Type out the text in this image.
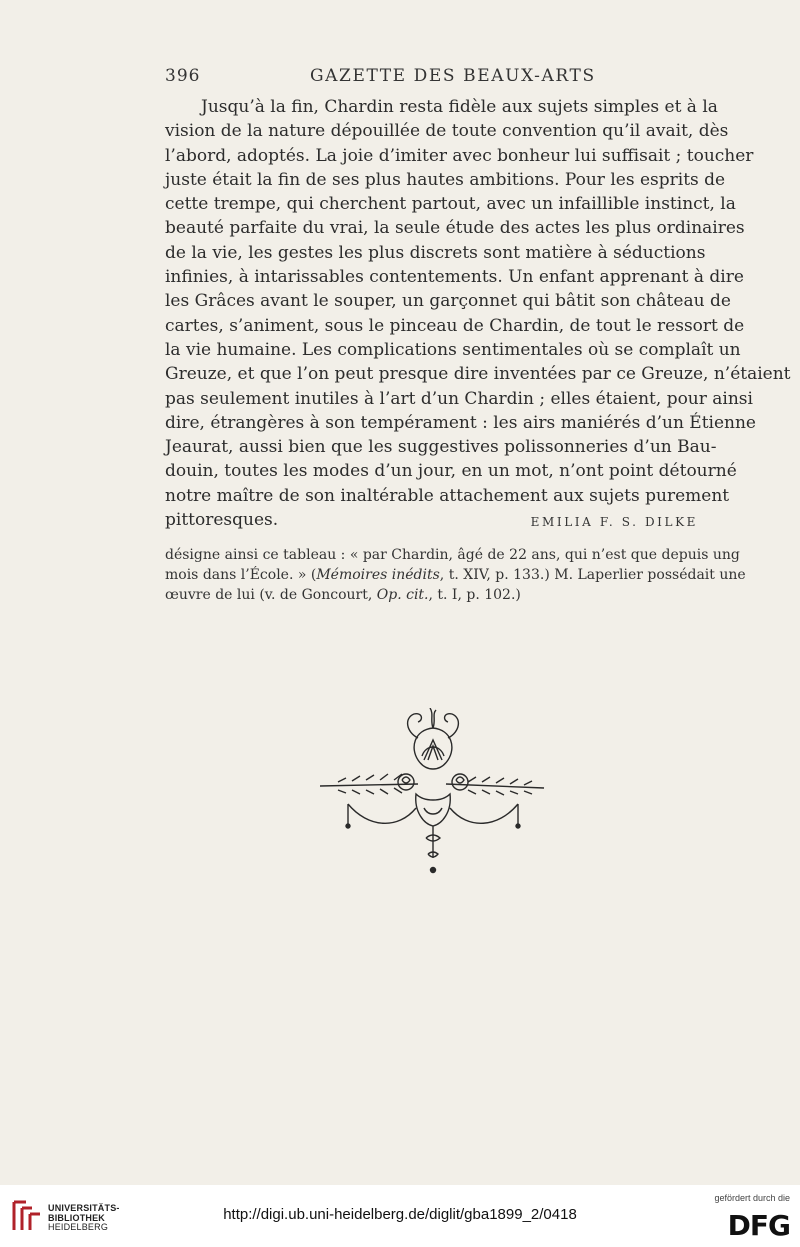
396	GAZETTE DES BEAUX-ARTS
Jusqu’à la fin, Chardin resta fidèle aux sujets simples et à la
vision de la nature dépouillée de toute convention qu’il avait, dès
l’abord, adoptés. La joie d’imiter avec bonheur lui suffisait ; toucher
juste était la fin de ses plus hautes ambitions. Pour les esprits de
cette trempe, qui cherchent partout, avec un infaillible instinct, la
beauté parfaite du vrai, la seule étude des actes les plus ordinaires
de la vie, les gestes les plus discrets sont matière à séductions
infinies, à intarissables contentements. Un enfant apprenant à dire
les Grâces avant le souper, un garçonnet qui bâtit son château de
cartes, s’animent, sous le pinceau de Chardin, de tout le ressort de
la vie humaine. Les complications sentimentales où se complaît un
Greuze, et que l’on peut presque dire inventées par ce Greuze, n’étaient
pas seulement inutiles à l’art d’un Chardin ; elles étaient, pour ainsi
dire, étrangères à son tempérament : les airs maniérés d’un Étienne
Jeaurat, aussi bien que les suggestives polissonneries d’un Bau-
douin, toutes les modes d’un jour, en un mot, n’ont point détourné
notre maître de son inaltérable attachement aux sujets purement
pittoresques.	EMILIA F. S. DILKE
désigne ainsi ce tableau : « par Chardin, âgé de 22 ans, qui n’est que depuis ung
mois dans l’École. » (Mémoires inédits, t. XIV, p. 133.) M. Laperlier possédait une
œuvre de lui (v. de Goncourt, Op. cit., t. I, p. 102.)
UNIVERSITÄTS-
BIBLIOTHEK
HEIDELBERG
http://digi.ub.uni-heidelberg.de/diglit/gba1899_2/0418
gefördert durch die
DFG
